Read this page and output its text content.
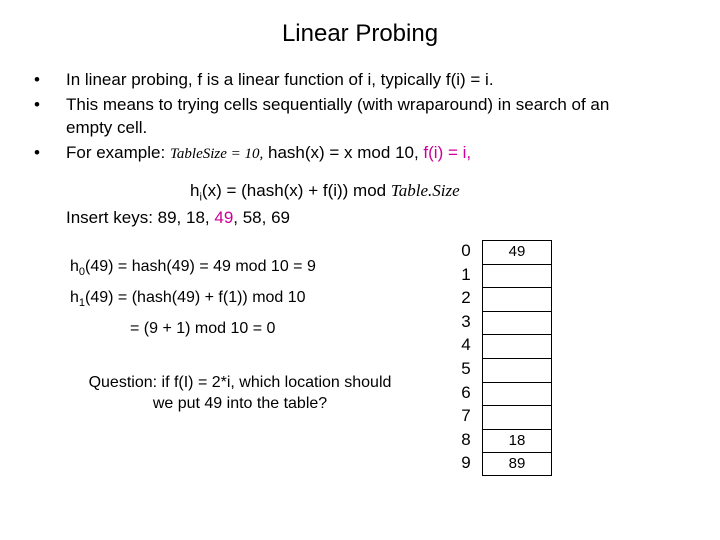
Linear Probing
• In linear probing, f is a linear function of i, typically f(i) = i.
• This means to trying cells sequentially (with wraparound) in search of an
empty cell.
• For example: TableSize = 10, hash(x) = x mod 10, f(i) = i,
$h_i(x)$ = (hash(x) + f(i)) mod Table.Size
Insert keys: 89, 18, 49, 58, 69
$h_0(49)$ = hash(49) = 49 mod 10 = 9
$h_1(49)$ = (hash(49) + f(1)) mod 10
= (9 + 1) mod 10 = 0
Question: if f(I) = 2*i, which location should
we put 49 into the table?
0	49
1
2
3
4
5
6
7
8	18
9	89
